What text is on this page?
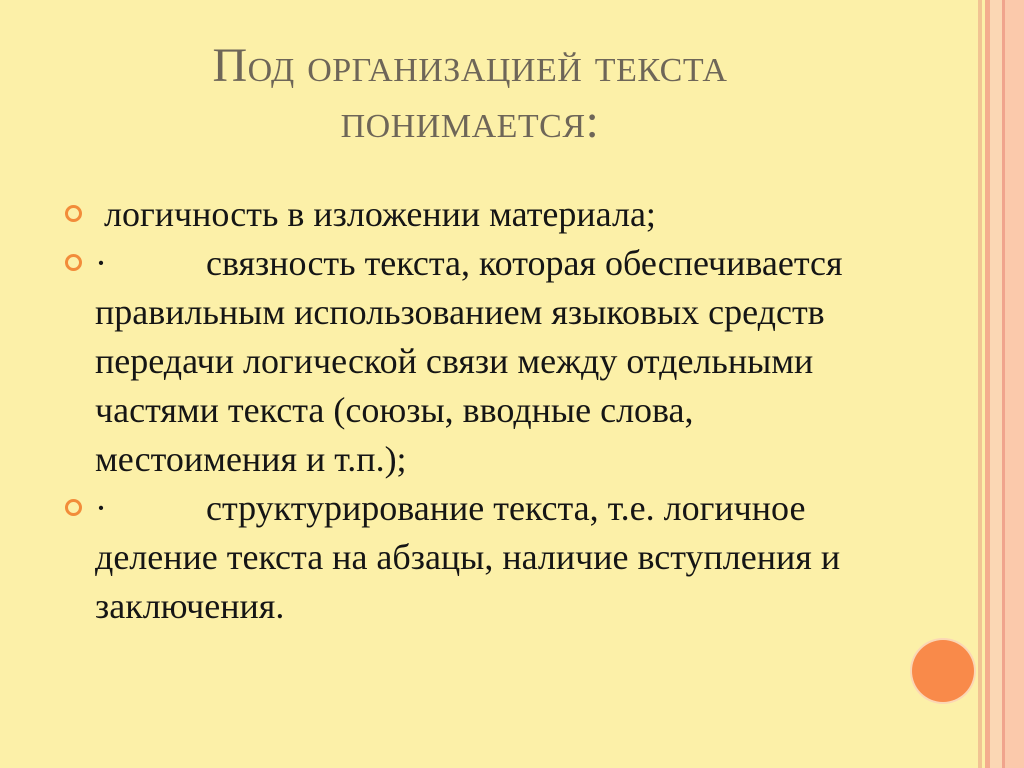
Под организацией текста
понимается:
логичность в изложении материала;
·	связность текста, которая обеспечивается правильным использованием языковых средств передачи логической связи между отдельными частями текста (союзы, вводные слова, местоимения и т.п.);
·	структурирование текста, т.е. логичное деление текста на абзацы, наличие вступления и заключения.
